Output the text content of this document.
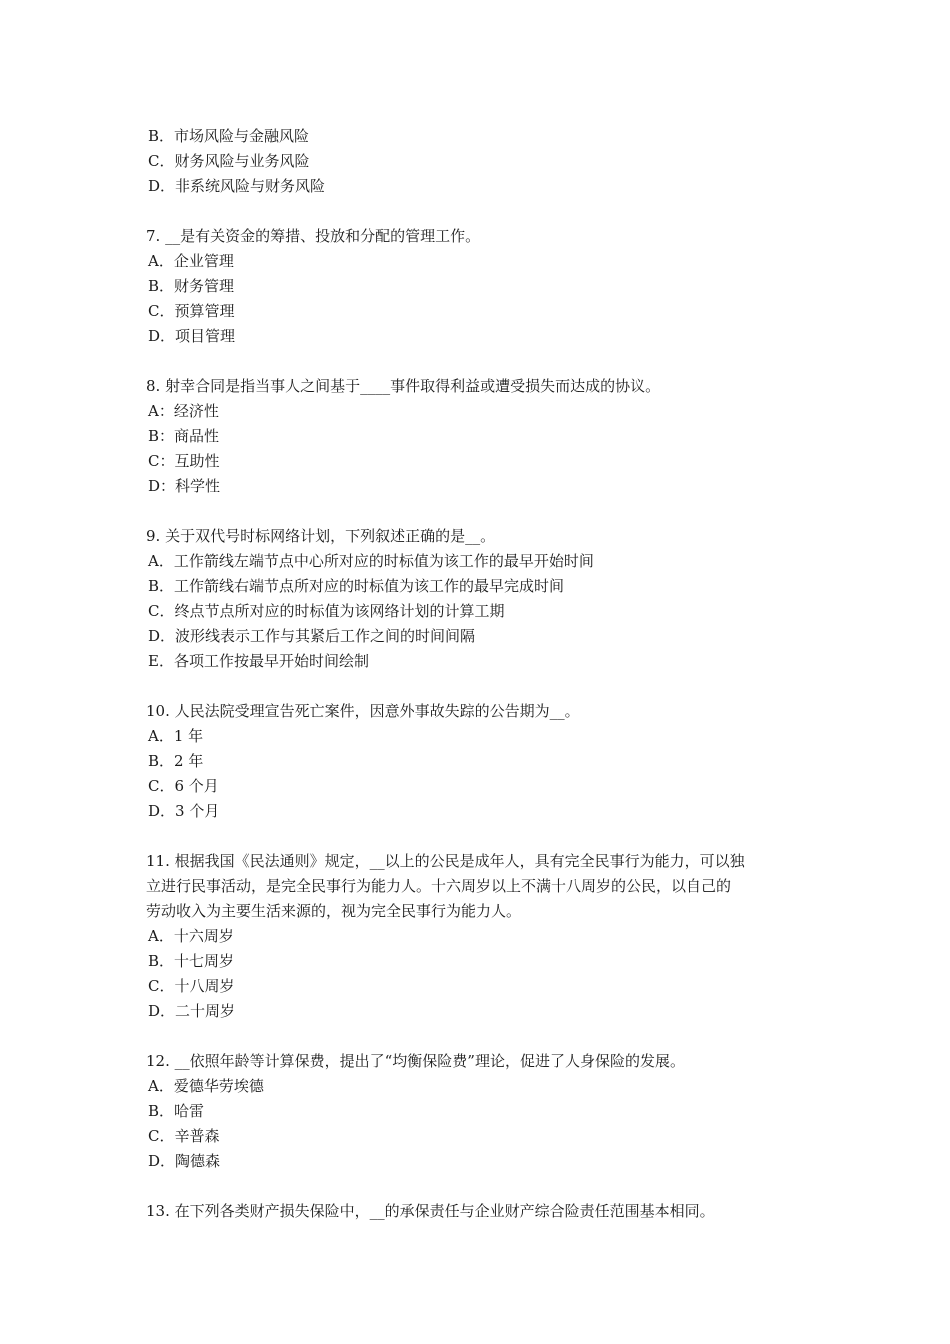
B．市场风险与金融风险
C．财务风险与业务风险
D．非系统风险与财务风险
7. __是有关资金的筹措、投放和分配的管理工作。
A．企业管理
B．财务管理
C．预算管理
D．项目管理
8. 射幸合同是指当事人之间基于____事件取得利益或遭受损失而达成的协议。
A：经济性
B：商品性
C：互助性
D：科学性
9. 关于双代号时标网络计划，下列叙述正确的是__。
A．工作箭线左端节点中心所对应的时标值为该工作的最早开始时间
B．工作箭线右端节点所对应的时标值为该工作的最早完成时间
C．终点节点所对应的时标值为该网络计划的计算工期
D．波形线表示工作与其紧后工作之间的时间间隔
E．各项工作按最早开始时间绘制
10. 人民法院受理宣告死亡案件，因意外事故失踪的公告期为__。
A．1 年
B．2 年
C．6 个月
D．3 个月
11. 根据我国《民法通则》规定，__以上的公民是成年人，具有完全民事行为能力，可以独
立进行民事活动，是完全民事行为能力人。十六周岁以上不满十八周岁的公民，以自己的
劳动收入为主要生活来源的，视为完全民事行为能力人。
A．十六周岁
B．十七周岁
C．十八周岁
D．二十周岁
12. __依照年龄等计算保费，提出了“均衡保险费”理论，促进了人身保险的发展。
A．爱德华劳埃德
B．哈雷
C．辛普森
D．陶德森
13. 在下列各类财产损失保险中，__的承保责任与企业财产综合险责任范围基本相同。
